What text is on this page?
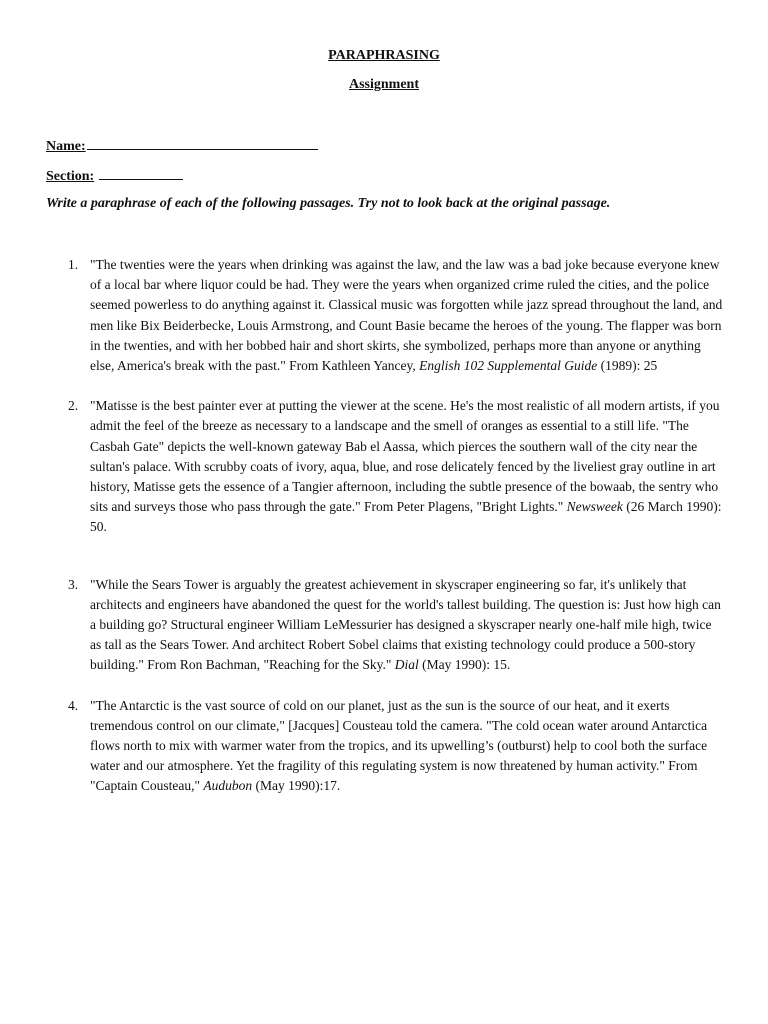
PARAPHRASING
Assignment
Name:
Section:
Write a paraphrase of each of the following passages. Try not to look back at the original passage.
1. "The twenties were the years when drinking was against the law, and the law was a bad joke because everyone knew of a local bar where liquor could be had. They were the years when organized crime ruled the cities, and the police seemed powerless to do anything against it. Classical music was forgotten while jazz spread throughout the land, and men like Bix Beiderbecke, Louis Armstrong, and Count Basie became the heroes of the young. The flapper was born in the twenties, and with her bobbed hair and short skirts, she symbolized, perhaps more than anyone or anything else, America's break with the past." From Kathleen Yancey, English 102 Supplemental Guide (1989): 25
2. "Matisse is the best painter ever at putting the viewer at the scene. He's the most realistic of all modern artists, if you admit the feel of the breeze as necessary to a landscape and the smell of oranges as essential to a still life. "The Casbah Gate" depicts the well-known gateway Bab el Aassa, which pierces the southern wall of the city near the sultan's palace. With scrubby coats of ivory, aqua, blue, and rose delicately fenced by the liveliest gray outline in art history, Matisse gets the essence of a Tangier afternoon, including the subtle presence of the bowaab, the sentry who sits and surveys those who pass through the gate." From Peter Plagens, "Bright Lights." Newsweek (26 March 1990): 50.
3. "While the Sears Tower is arguably the greatest achievement in skyscraper engineering so far, it's unlikely that architects and engineers have abandoned the quest for the world's tallest building. The question is: Just how high can a building go? Structural engineer William LeMessurier has designed a skyscraper nearly one-half mile high, twice as tall as the Sears Tower. And architect Robert Sobel claims that existing technology could produce a 500-story building." From Ron Bachman, "Reaching for the Sky." Dial (May 1990): 15.
4. "The Antarctic is the vast source of cold on our planet, just as the sun is the source of our heat, and it exerts tremendous control on our climate," [Jacques] Cousteau told the camera. "The cold ocean water around Antarctica flows north to mix with warmer water from the tropics, and its upwelling’s (outburst) help to cool both the surface water and our atmosphere. Yet the fragility of this regulating system is now threatened by human activity." From "Captain Cousteau," Audubon (May 1990):17.
